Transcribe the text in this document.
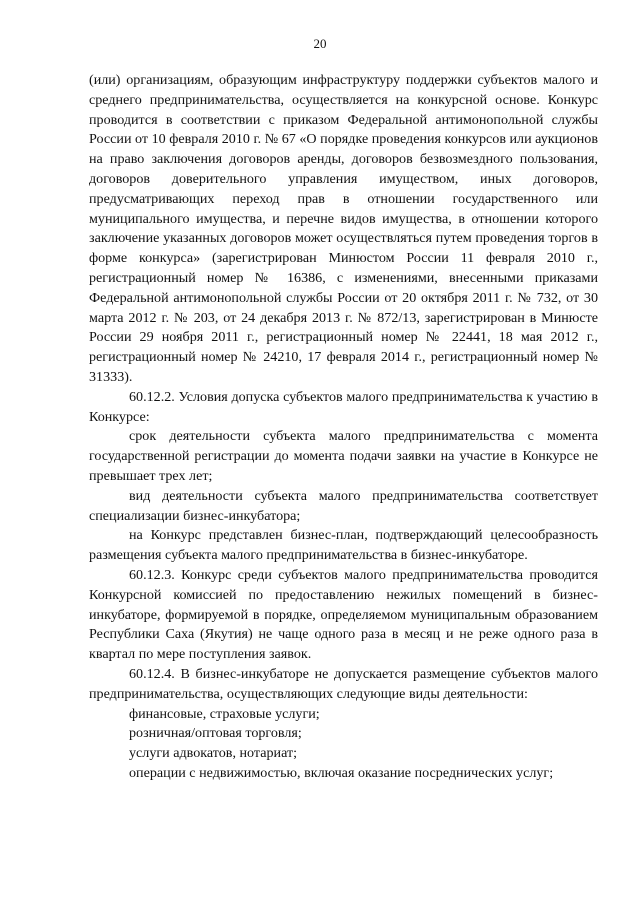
20

(или) организациям, образующим инфраструктуру поддержки субъектов малого и среднего предпринимательства, осуществляется на конкурсной основе. Конкурс проводится в соответствии с приказом Федеральной антимонопольной службы России от 10 февраля 2010 г. № 67 «О порядке проведения конкурсов или аукционов на право заключения договоров аренды, договоров безвозмездного пользования, договоров доверительного управления имуществом, иных договоров, предусматривающих переход прав в отношении государственного или муниципального имущества, и перечне видов имущества, в отношении которого заключение указанных договоров может осуществляться путем проведения торгов в форме конкурса» (зарегистрирован Минюстом России 11 февраля 2010 г., регистрационный номер № 16386, с изменениями, внесенными приказами Федеральной антимонопольной службы России от 20 октября 2011 г. № 732, от 30 марта 2012 г. № 203, от 24 декабря 2013 г. № 872/13, зарегистрирован в Минюсте России 29 ноября 2011 г., регистрационный номер № 22441, 18 мая 2012 г., регистрационный номер № 24210, 17 февраля 2014 г., регистрационный номер № 31333).

60.12.2. Условия допуска субъектов малого предпринимательства к участию в Конкурсе:

срок деятельности субъекта малого предпринимательства с момента государственной регистрации до момента подачи заявки на участие в Конкурсе не превышает трех лет;

вид деятельности субъекта малого предпринимательства соответствует специализации бизнес-инкубатора;

на Конкурс представлен бизнес-план, подтверждающий целесообразность размещения субъекта малого предпринимательства в бизнес-инкубаторе.

60.12.3. Конкурс среди субъектов малого предпринимательства проводится Конкурсной комиссией по предоставлению нежилых помещений в бизнес-инкубаторе, формируемой в порядке, определяемом муниципальным образованием Республики Саха (Якутия) не чаще одного раза в месяц и не реже одного раза в квартал по мере поступления заявок.

60.12.4. В бизнес-инкубаторе не допускается размещение субъектов малого предпринимательства, осуществляющих следующие виды деятельности:

финансовые, страховые услуги;

розничная/оптовая торговля;

услуги адвокатов, нотариат;

операции с недвижимостью, включая оказание посреднических услуг;
